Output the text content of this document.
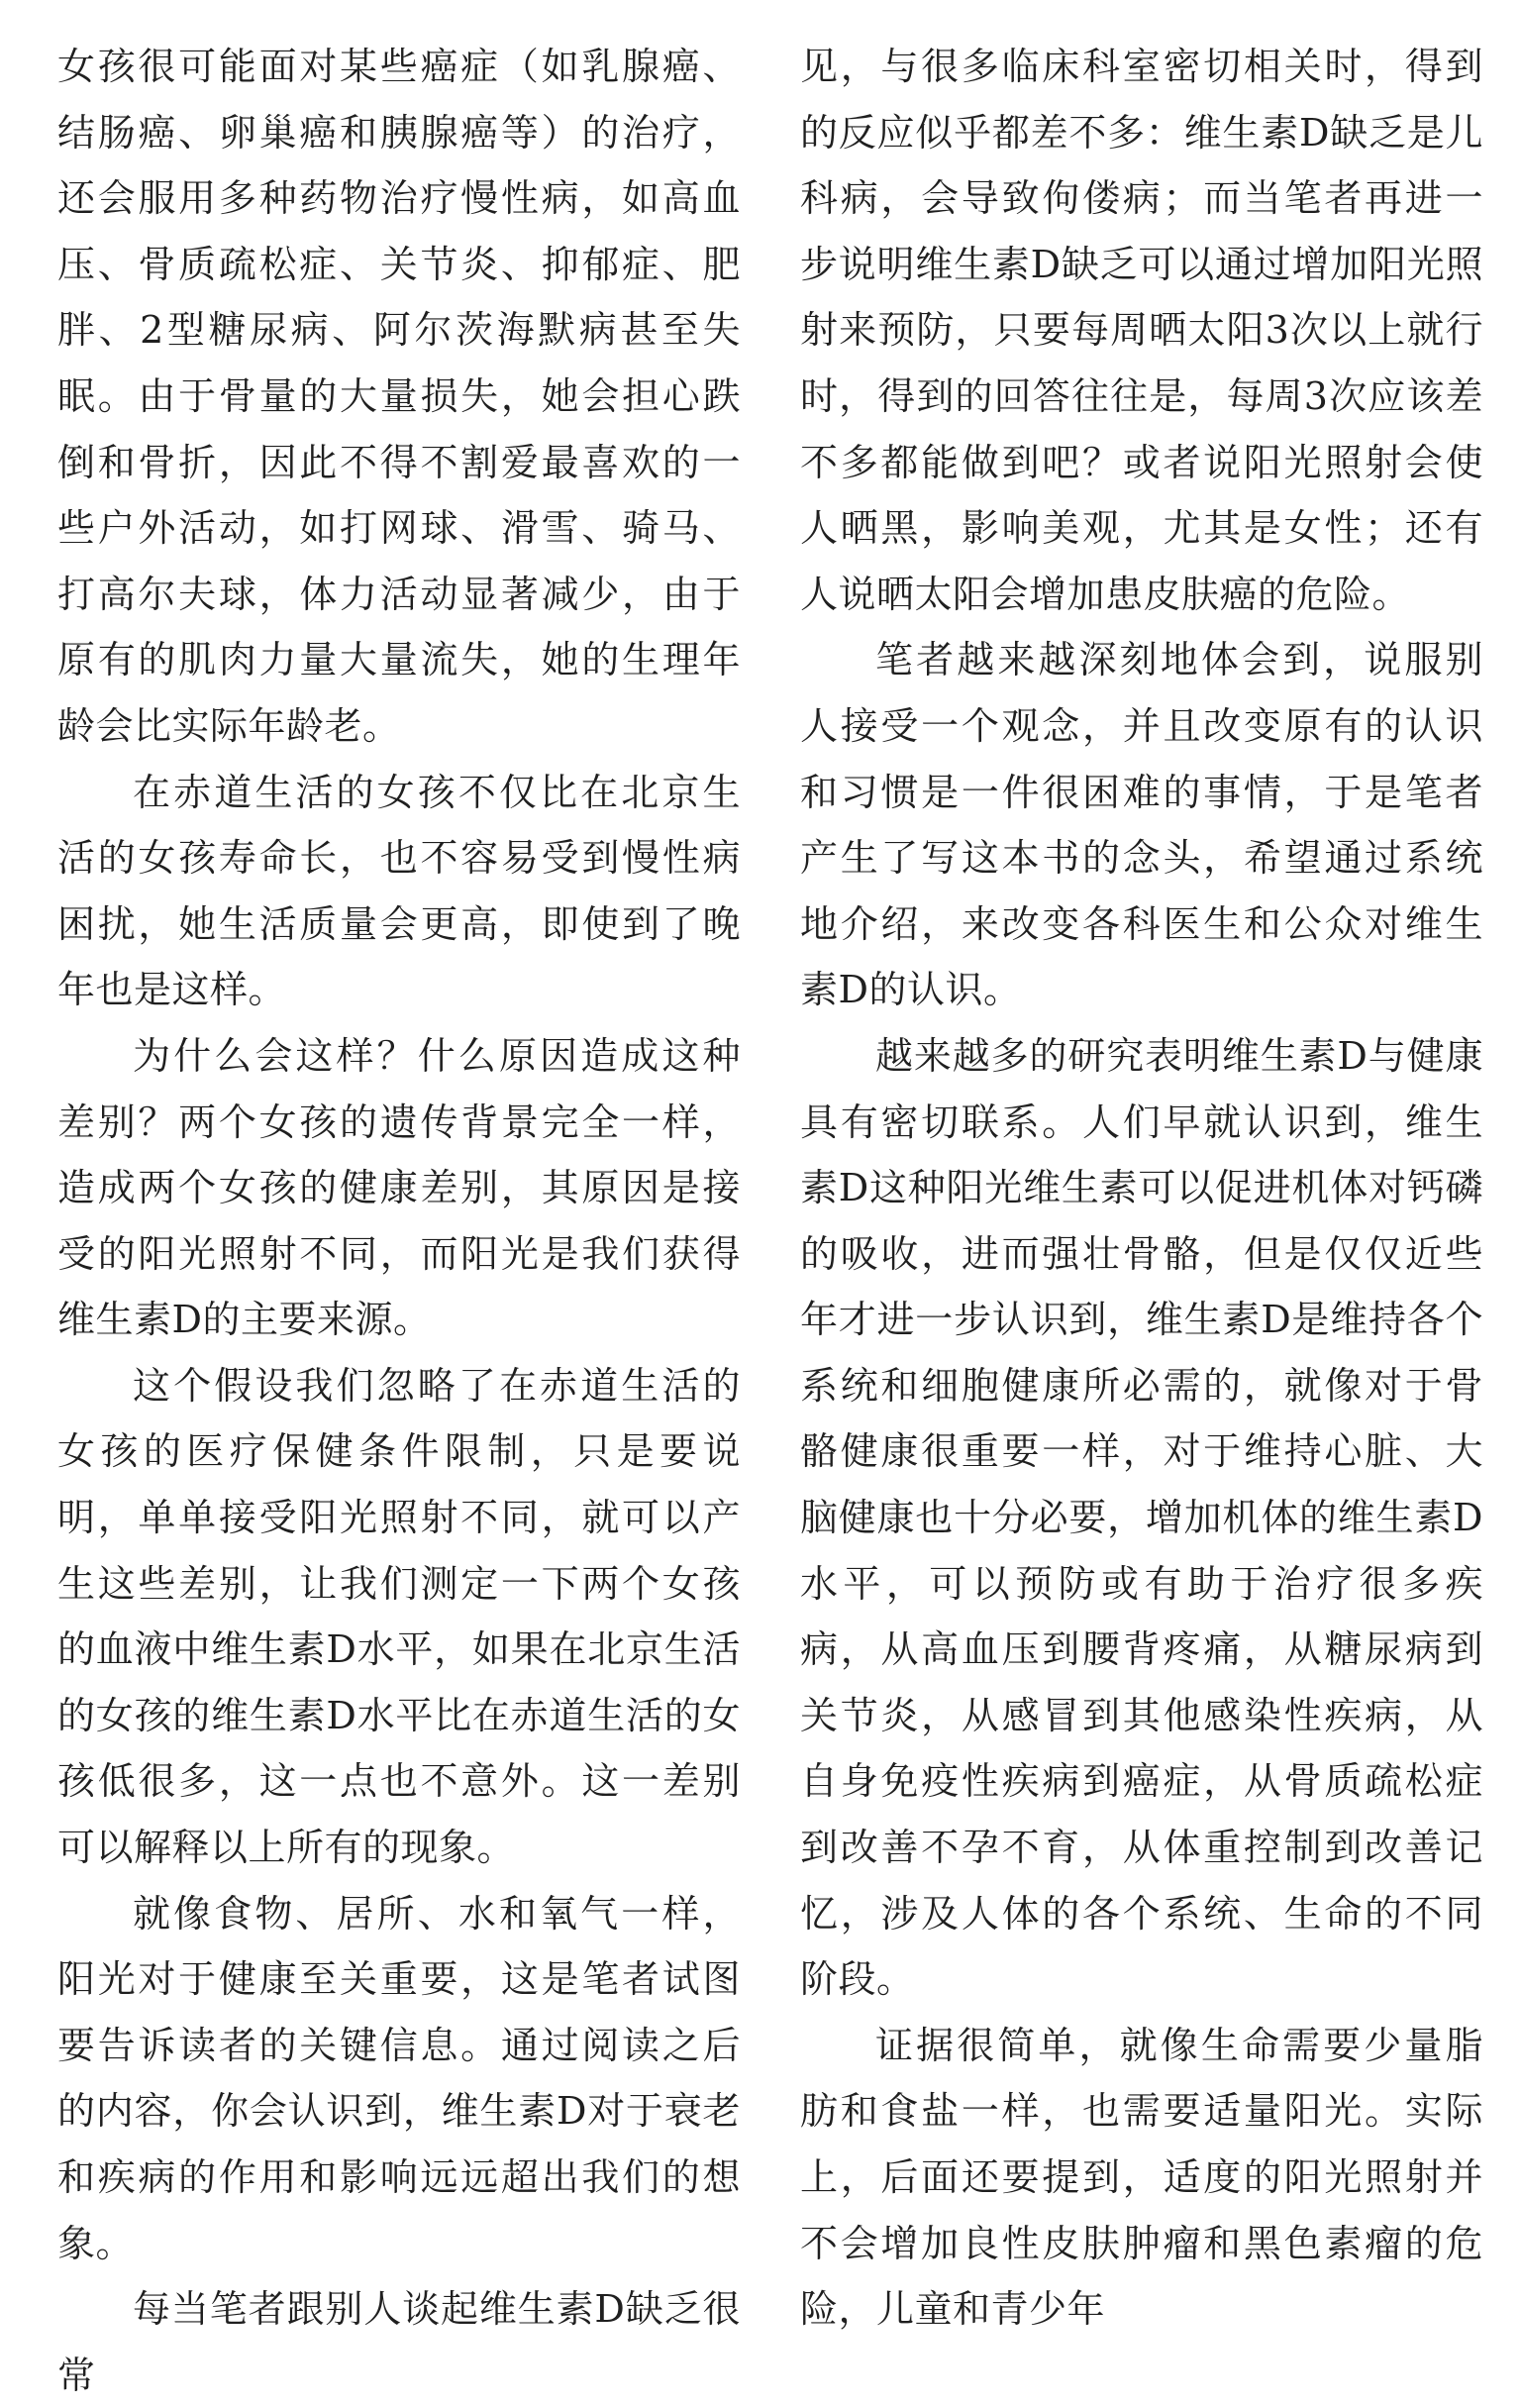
女孩很可能面对某些癌症（如乳腺癌、结肠癌、卵巢癌和胰腺癌等）的治疗，还会服用多种药物治疗慢性病，如高血压、骨质疏松症、关节炎、抑郁症、肥胖、2型糖尿病、阿尔茨海默病甚至失眠。由于骨量的大量损失，她会担心跌倒和骨折，因此不得不割爱最喜欢的一些户外活动，如打网球、滑雪、骑马、打高尔夫球，体力活动显著减少，由于原有的肌肉力量大量流失，她的生理年龄会比实际年龄老。

在赤道生活的女孩不仅比在北京生活的女孩寿命长，也不容易受到慢性病困扰，她生活质量会更高，即使到了晚年也是这样。

为什么会这样？什么原因造成这种差别？两个女孩的遗传背景完全一样，造成两个女孩的健康差别，其原因是接受的阳光照射不同，而阳光是我们获得维生素D的主要来源。

这个假设我们忽略了在赤道生活的女孩的医疗保健条件限制，只是要说明，单单接受阳光照射不同，就可以产生这些差别，让我们测定一下两个女孩的血液中维生素D水平，如果在北京生活的女孩的维生素D水平比在赤道生活的女孩低很多，这一点也不意外。这一差别可以解释以上所有的现象。

就像食物、居所、水和氧气一样，阳光对于健康至关重要，这是笔者试图要告诉读者的关键信息。通过阅读之后的内容，你会认识到，维生素D对于衰老和疾病的作用和影响远远超出我们的想象。

每当笔者跟别人谈起维生素D缺乏很常

见，与很多临床科室密切相关时，得到的反应似乎都差不多：维生素D缺乏是儿科病，会导致佝偻病；而当笔者再进一步说明维生素D缺乏可以通过增加阳光照射来预防，只要每周晒太阳3次以上就行时，得到的回答往往是，每周3次应该差不多都能做到吧？或者说阳光照射会使人晒黑，影响美观，尤其是女性；还有人说晒太阳会增加患皮肤癌的危险。

笔者越来越深刻地体会到，说服别人接受一个观念，并且改变原有的认识和习惯是一件很困难的事情，于是笔者产生了写这本书的念头，希望通过系统地介绍，来改变各科医生和公众对维生素D的认识。

越来越多的研究表明维生素D与健康具有密切联系。人们早就认识到，维生素D这种阳光维生素可以促进机体对钙磷的吸收，进而强壮骨骼，但是仅仅近些年才进一步认识到，维生素D是维持各个系统和细胞健康所必需的，就像对于骨骼健康很重要一样，对于维持心脏、大脑健康也十分必要，增加机体的维生素D水平，可以预防或有助于治疗很多疾病，从高血压到腰背疼痛，从糖尿病到关节炎，从感冒到其他感染性疾病，从自身免疫性疾病到癌症，从骨质疏松症到改善不孕不育，从体重控制到改善记忆，涉及人体的各个系统、生命的不同阶段。

证据很简单，就像生命需要少量脂肪和食盐一样，也需要适量阳光。实际上，后面还要提到，适度的阳光照射并不会增加良性皮肤肿瘤和黑色素瘤的危险，儿童和青少年
